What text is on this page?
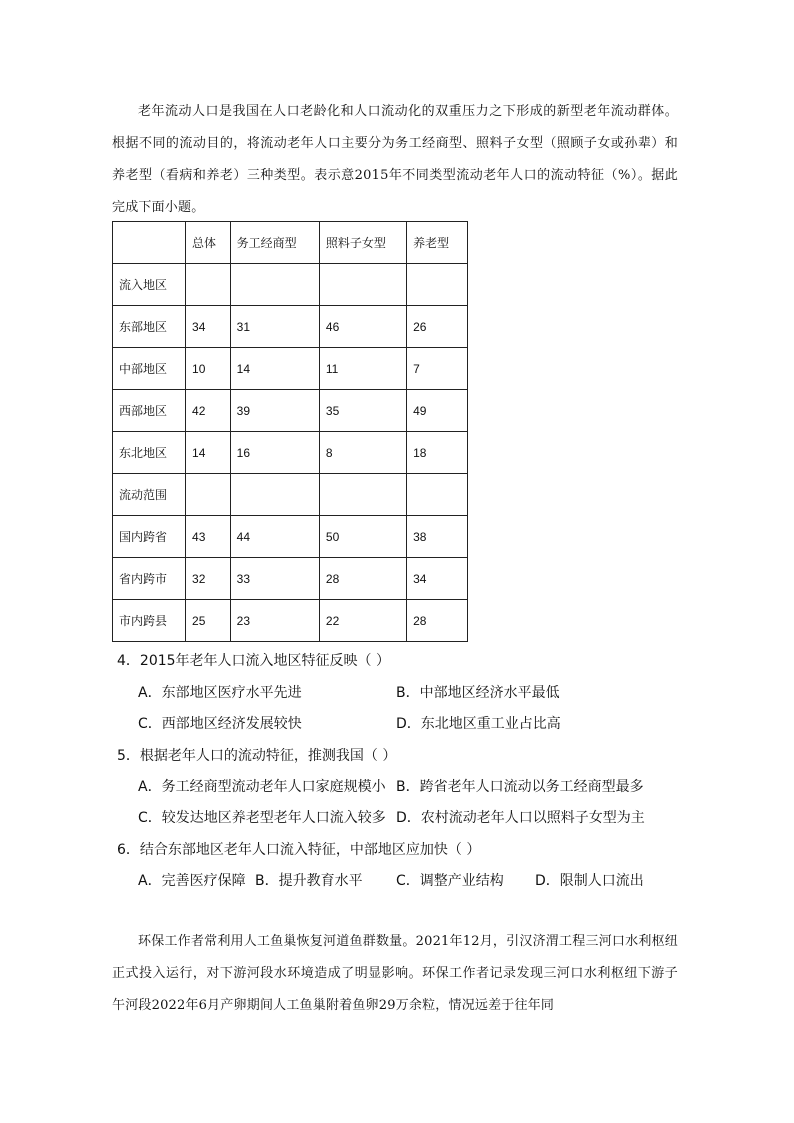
老年流动人口是我国在人口老龄化和人口流动化的双重压力之下形成的新型老年流动群体。根据不同的流动目的，将流动老年人口主要分为务工经商型、照料子女型（照顾子女或孙辈）和养老型（看病和养老）三种类型。表示意2015年不同类型流动老年人口的流动特征（%）。据此完成下面小题。
	总体	务工经商型	照料子女型	养老型
流入地区				
东部地区	34	31	46	26
中部地区	10	14	11	7
西部地区	42	39	35	49
东北地区	14	16	8	18
流动范围				
国内跨省	43	44	50	38
省内跨市	32	33	28	34
市内跨县	25	23	22	28
4．2015年老年人口流入地区特征反映（ ）
A．东部地区医疗水平先进	B．中部地区经济水平最低
C．西部地区经济发展较快	D．东北地区重工业占比高
5．根据老年人口的流动特征，推测我国（ ）
A．务工经商型流动老年人口家庭规模小 B．跨省老年人口流动以务工经商型最多
C．较发达地区养老型老年人口流入较多 D．农村流动老年人口以照料子女型为主
6．结合东部地区老年人口流入特征，中部地区应加快（ ）
A．完善医疗保障 B．提升教育水平 C．调整产业结构 D．限制人口流出
环保工作者常利用人工鱼巢恢复河道鱼群数量。2021年12月，引汉济渭工程三河口水利枢纽正式投入运行，对下游河段水环境造成了明显影响。环保工作者记录发现三河口水利枢纽下游子午河段2022年6月产卵期间人工鱼巢附着鱼卵29万余粒，情况远差于往年同
